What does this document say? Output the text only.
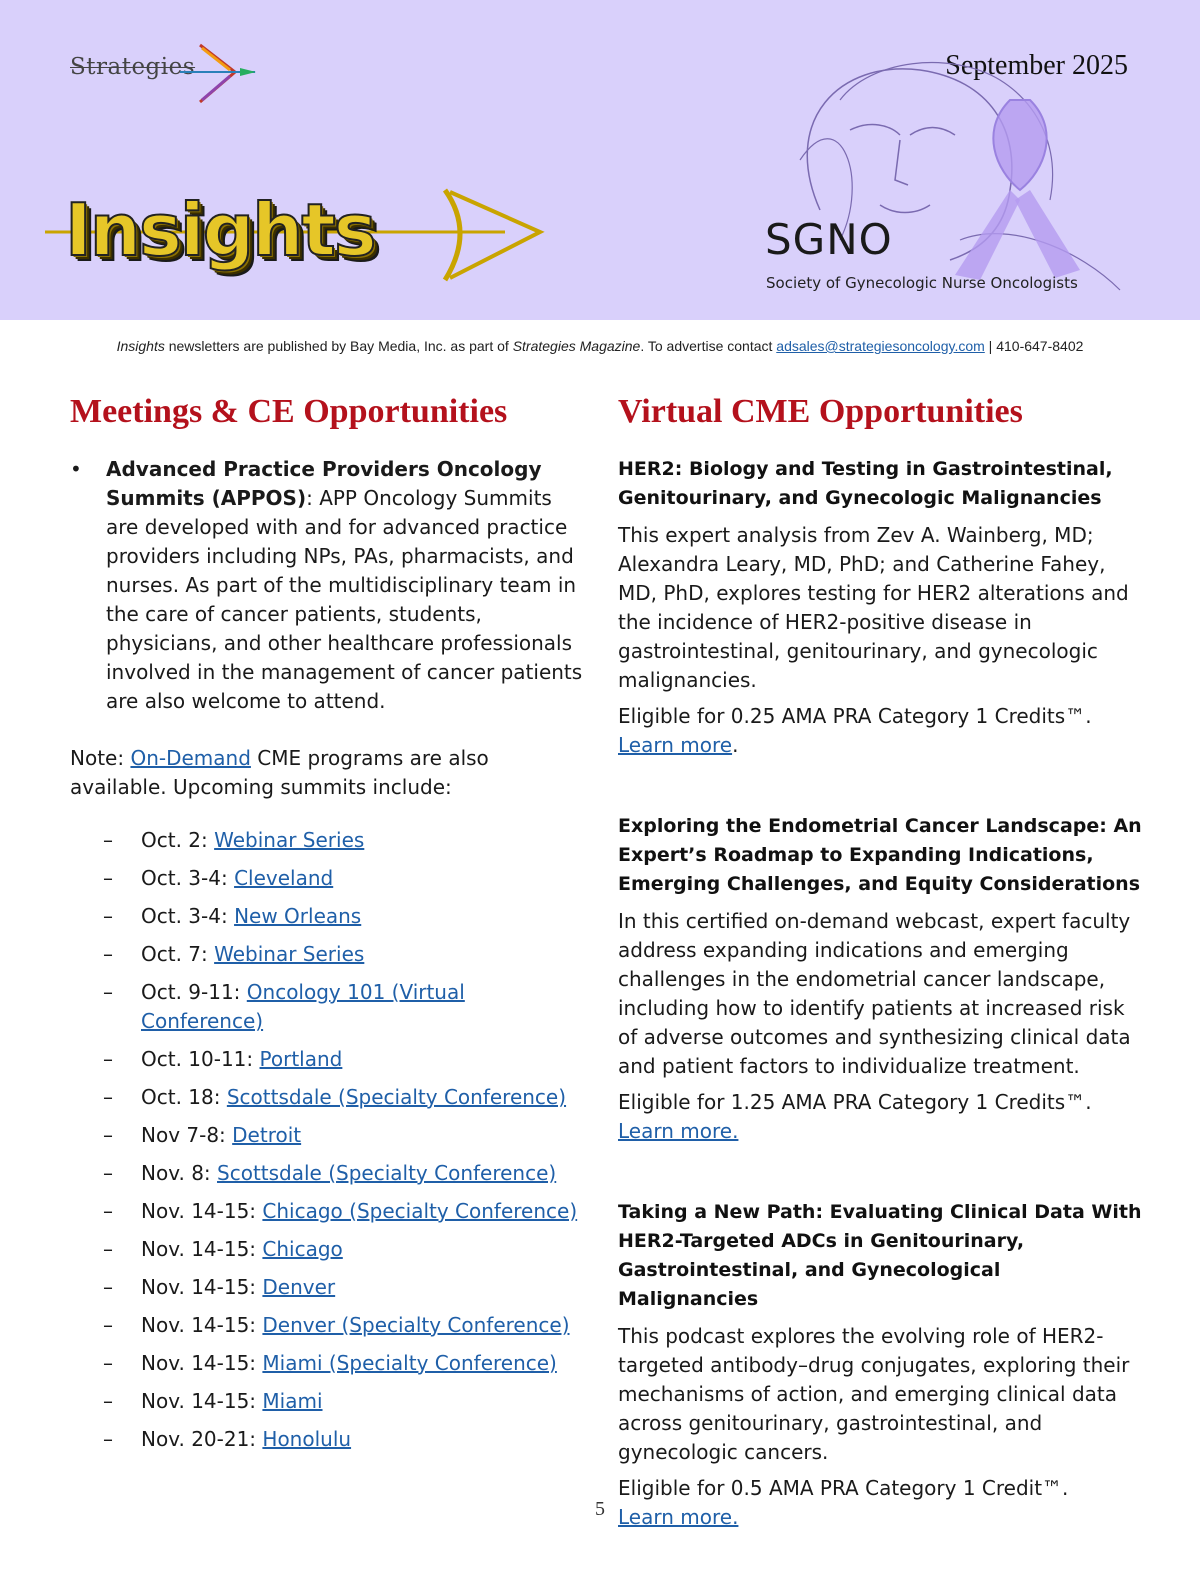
Strategies
Insights
September 2025
SGNO
Society of Gynecologic Nurse Oncologists
Insights newsletters are published by Bay Media, Inc. as part of Strategies Magazine. To advertise contact adsales@strategiesoncology.com | 410-647-8402
Meetings & CE Opportunities

• Advanced Practice Providers Oncology Summits (APPOS): APP Oncology Summits are developed with and for advanced practice providers including NPs, PAs, pharmacists, and nurses. As part of the multidisciplinary team in the care of cancer patients, students, physicians, and other healthcare professionals involved in the management of cancer patients are also welcome to attend.

Note: On-Demand CME programs are also available. Upcoming summits include:

– Oct. 2: Webinar Series
– Oct. 3-4: Cleveland
– Oct. 3-4: New Orleans
– Oct. 7: Webinar Series
– Oct. 9-11: Oncology 101 (Virtual Conference)
– Oct. 10-11: Portland
– Oct. 18: Scottsdale (Specialty Conference)
– Nov 7-8: Detroit
– Nov. 8: Scottsdale (Specialty Conference)
– Nov. 14-15: Chicago (Specialty Conference)
– Nov. 14-15: Chicago
– Nov. 14-15: Denver
– Nov. 14-15: Denver (Specialty Conference)
– Nov. 14-15: Miami (Specialty Conference)
– Nov. 14-15: Miami
– Nov. 20-21: Honolulu
Virtual CME Opportunities
HER2: Biology and Testing in Gastrointestinal, Genitourinary, and Gynecologic Malignancies

This expert analysis from Zev A. Wainberg, MD; Alexandra Leary, MD, PhD; and Catherine Fahey, MD, PhD, explores testing for HER2 alterations and the incidence of HER2-positive disease in gastrointestinal, genitourinary, and gynecologic malignancies.

Eligible for 0.25 AMA PRA Category 1 Credits™.
Learn more.

Exploring the Endometrial Cancer Landscape: An Expert’s Roadmap to Expanding Indications, Emerging Challenges, and Equity Considerations

In this certified on-demand webcast, expert faculty address expanding indications and emerging challenges in the endometrial cancer landscape, including how to identify patients at increased risk of adverse outcomes and synthesizing clinical data and patient factors to individualize treatment.

Eligible for 1.25 AMA PRA Category 1 Credits™.
Learn more.

Taking a New Path: Evaluating Clinical Data With HER2-Targeted ADCs in Genitourinary, Gastrointestinal, and Gynecological Malignancies

This podcast explores the evolving role of HER2-targeted antibody–drug conjugates, exploring their mechanisms of action, and emerging clinical data across genitourinary, gastrointestinal, and gynecologic cancers.

Eligible for 0.5 AMA PRA Category 1 Credit™.
Learn more.

5
